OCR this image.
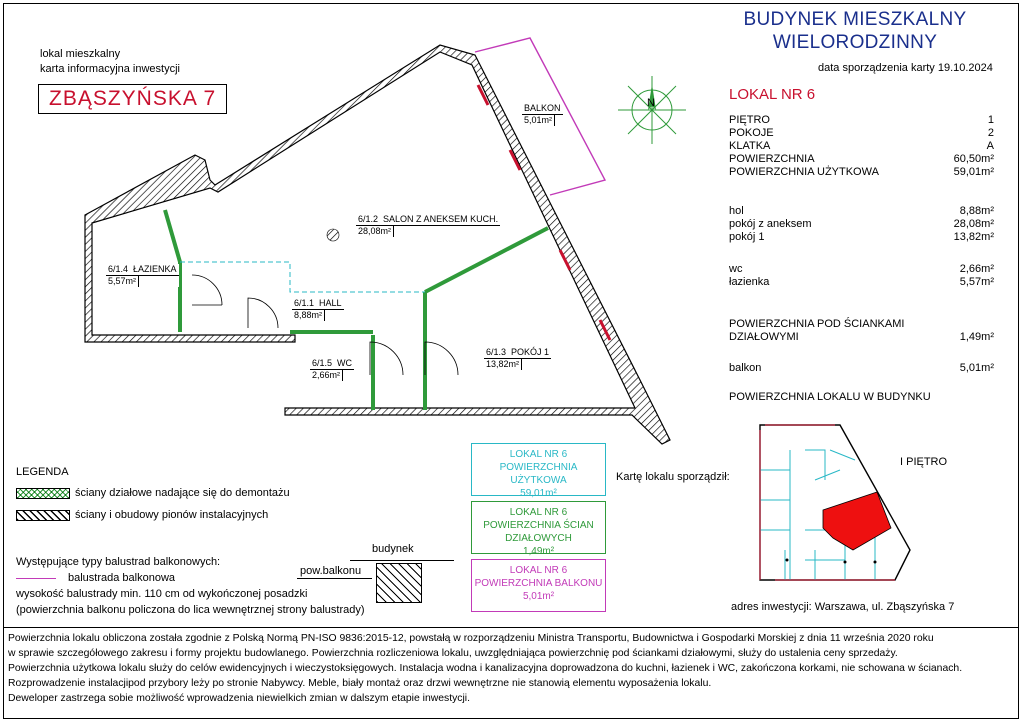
lokal mieszkalny
karta informacyjna inwestycji
ZBĄSZYŃSKA 7
BUDYNEK MIESZKALNY
WIELORODZINNY
data sporządzenia karty 19.10.2024
LOKAL NR 6
PIĘTRO	1
POKOJE	2
KLATKA	A
POWIERZCHNIA	60,50m²
POWIERZCHNIA UŻYTKOWA	59,01m²
hol	8,88m²
pokój z aneksem	28,08m²
pokój 1	13,82m²
wc	2,66m²
łazienka	5,57m²
POWIERZCHNIA POD ŚCIANKAMI
DZIAŁOWYMI	1,49m²
balkon	5,01m²
POWIERZCHNIA LOKALU W BUDYNKU
I PIĘTRO
adres inwestycji: Warszawa, ul. Zbąszyńska 7
Kartę lokalu sporządził:
N
6/1.2 SALON Z ANEKSEM KUCH.
28,08m²
6/1.4 ŁAZIENKA
5,57m²
6/1.1 HALL
8,88m²
6/1.5 WC
2,66m²
6/1.3 POKÓJ 1
13,82m²
BALKON
5,01m²
LOKAL NR 6
POWIERZCHNIA UŻYTKOWA
59,01m²
LOKAL NR 6
POWIERZCHNIA ŚCIAN DZIAŁOWYCH
1,49m²
LOKAL NR 6
POWIERZCHNIA BALKONU
5,01m²
LEGENDA
ściany działowe nadające się do demontażu
ściany i obudowy pionów instalacyjnych
Występujące typy balustrad balkonowych:
balustrada balkonowa
wysokość balustrady min. 110 cm od wykończonej posadzki
(powierzchnia balkonu policzona do lica wewnętrznej strony balustrady)
budynek
pow.balkonu
Powierzchnia lokalu obliczona została zgodnie z Polską Normą PN-ISO 9836:2015-12, powstałą w rozporządzeniu Ministra Transportu, Budownictwa i Gospodarki Morskiej z dnia 11 września 2020 roku
w sprawie szczegółowego zakresu i formy projektu budowlanego. Powierzchnia rozliczeniowa lokalu, uwzględniająca powierzchnię pod ściankami działowymi, służy do ustalenia ceny sprzedaży.
Powierzchnia użytkowa lokalu służy do celów ewidencyjnych i wieczystoksięgowych. Instalacja wodna i kanalizacyjna doprowadzona do kuchni, łazienek i WC, zakończona korkami, nie schowana w ścianach.
Rozprowadzenie instalacjipod przybory leży po stronie Nabywcy. Meble, biały montaż oraz drzwi wewnętrzne nie stanowią elementu wyposażenia lokalu.
Deweloper zastrzega sobie możliwość wprowadzenia niewielkich zmian w dalszym etapie inwestycji.
